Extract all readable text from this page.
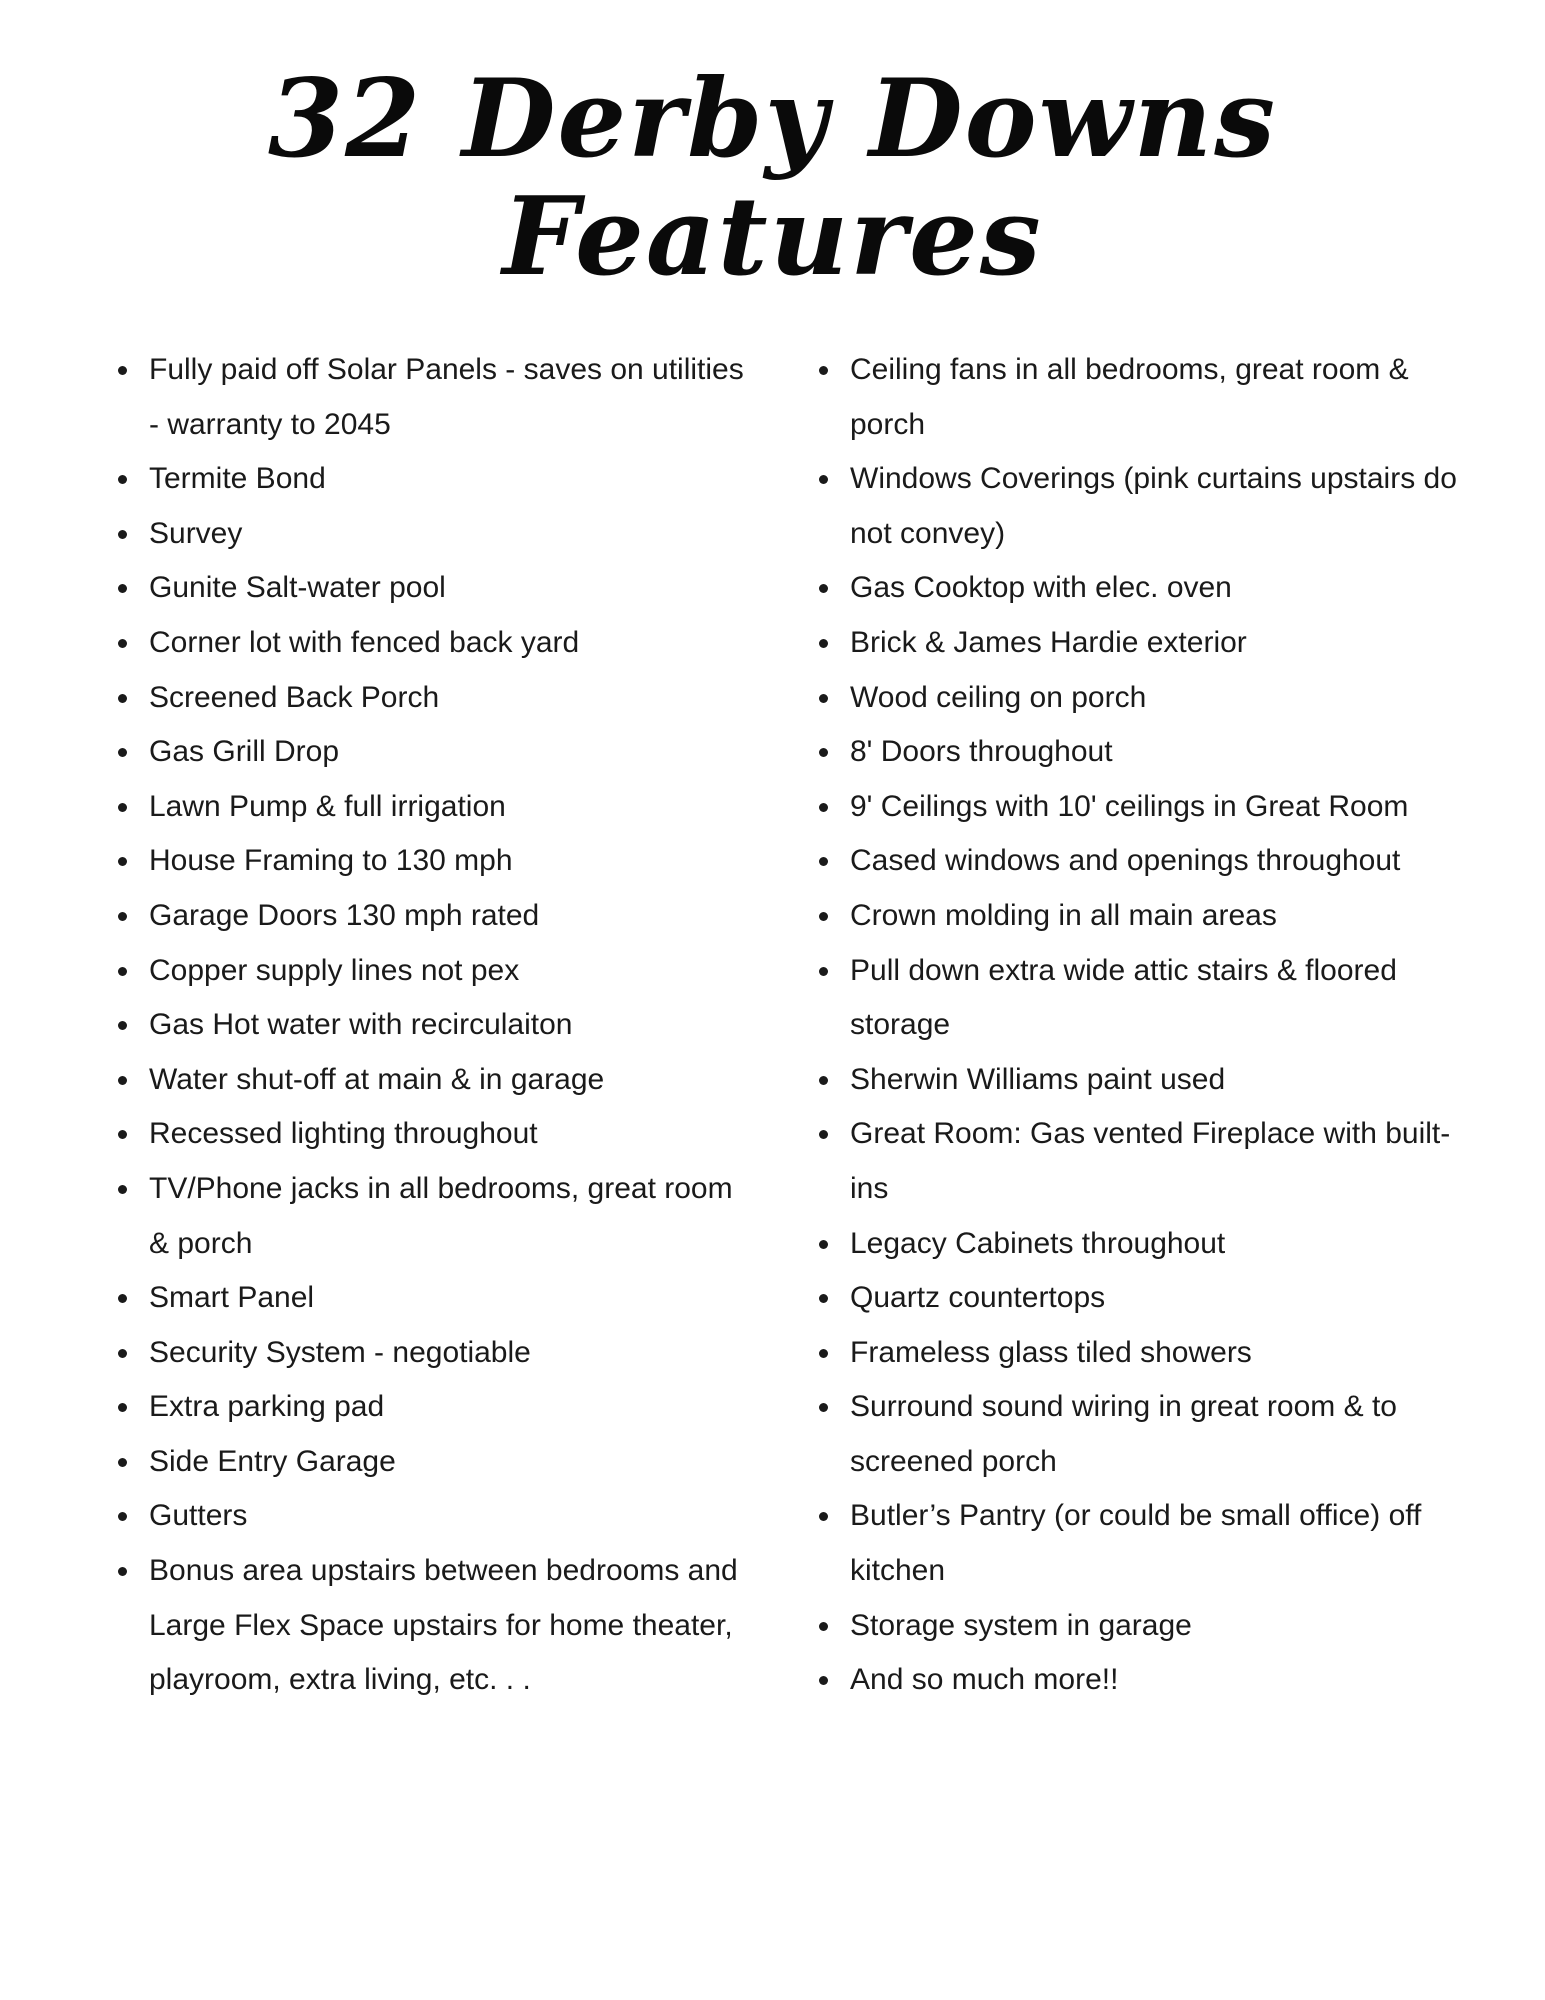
32 Derby Downs
Features
Fully paid off Solar Panels - saves on utilities - warranty to 2045
Termite Bond
Survey
Gunite Salt-water pool
Corner lot with fenced back yard
Screened Back Porch
Gas Grill Drop
Lawn Pump & full irrigation
House Framing to 130 mph
Garage Doors 130 mph rated
Copper supply lines not pex
Gas Hot water with recirculaiton
Water shut-off at main & in garage
Recessed lighting throughout
TV/Phone jacks in all bedrooms, great room & porch
Smart Panel
Security System - negotiable
Extra parking pad
Side Entry Garage
Gutters
Bonus area upstairs between bedrooms and Large Flex Space upstairs for home theater, playroom, extra living, etc. . .
Ceiling fans in all bedrooms, great room & porch
Windows Coverings (pink curtains upstairs do not convey)
Gas Cooktop with elec. oven
Brick & James Hardie exterior
Wood ceiling on porch
8' Doors throughout
9' Ceilings with 10' ceilings in Great Room
Cased windows and openings throughout
Crown molding in all main areas
Pull down extra wide attic stairs & floored storage
Sherwin Williams paint used
Great Room: Gas vented Fireplace with built-ins
Legacy Cabinets throughout
Quartz countertops
Frameless glass tiled showers
Surround sound wiring in great room & to screened porch
Butler’s Pantry (or could be small office) off kitchen
Storage system in garage
And so much more!!
